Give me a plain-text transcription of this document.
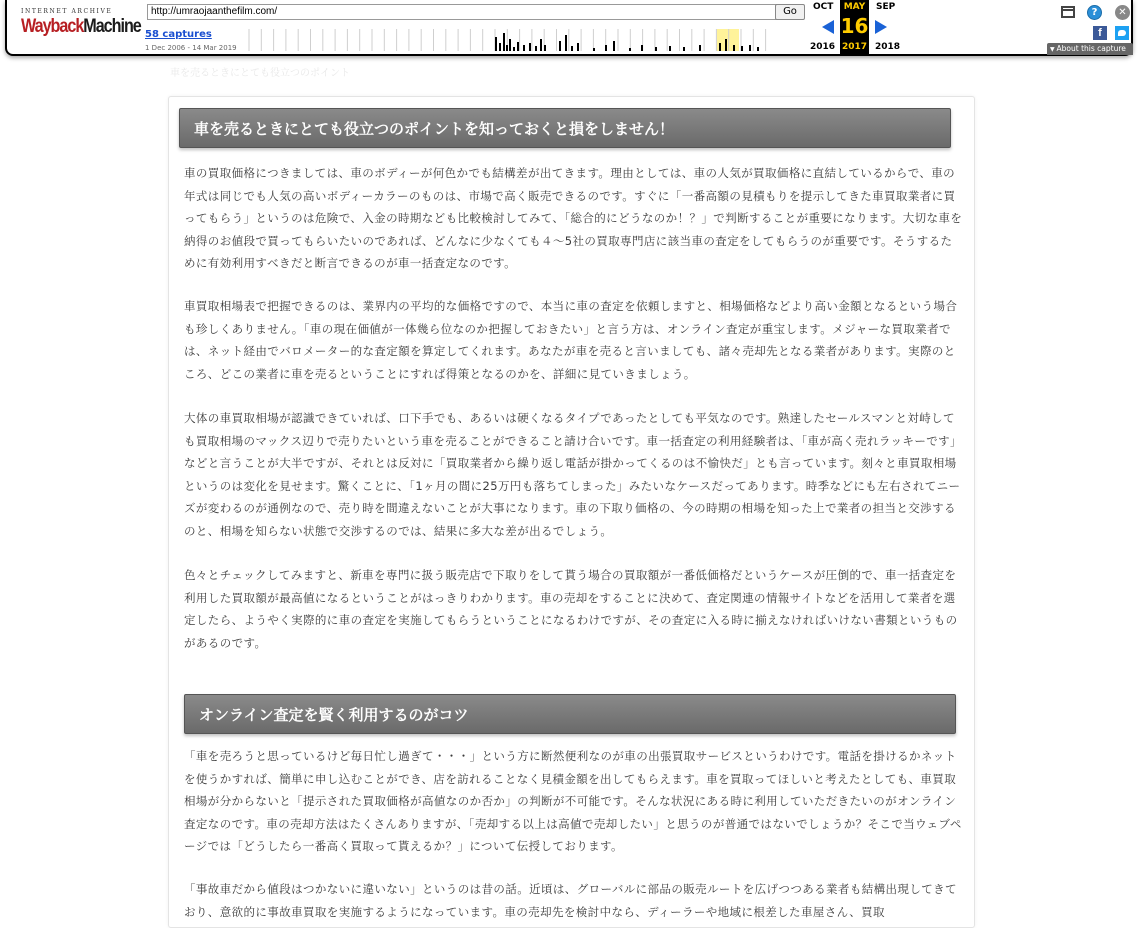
INTERNET ARCHIVE
WaybackMachine
http://umraojaanthefilm.com/	Go
58 captures
1 Dec 2006 - 14 Mar 2019
OCT	SEP
2016	2018
MAY
16
2017
?	✕
f
▼ About this capture
車を売るときにとても役立つのポイント
車を売るときにとても役立つのポイントを知っておくと損をしません！
車の買取価格につきましては、車のボディーが何色かでも結構差が出てきます。理由としては、車の人気が買取価格に直結しているからで、車の年式は同じでも人気の高いボディーカラーのものは、市場で高く販売できるのです。すぐに「一番高額の見積もりを提示してきた車買取業者に買ってもらう」というのは危険で、入金の時期なども比較検討してみて、「総合的にどうなのか！？」で判断することが重要になります。大切な車を納得のお値段で買ってもらいたいのであれば、どんなに少なくても４～5社の買取専門店に該当車の査定をしてもらうのが重要です。そうするために有効利用すべきだと断言できるのが車一括査定なのです。
車買取相場表で把握できるのは、業界内の平均的な価格ですので、本当に車の査定を依頼しますと、相場価格などより高い金額となるという場合も珍しくありません。「車の現在価値が一体幾ら位なのか把握しておきたい」と言う方は、オンライン査定が重宝します。メジャーな買取業者では、ネット経由でバロメーター的な査定額を算定してくれます。あなたが車を売ると言いましても、諸々売却先となる業者があります。実際のところ、どこの業者に車を売るということにすれば得策となるのかを、詳細に見ていきましょう。
大体の車買取相場が認識できていれば、口下手でも、あるいは硬くなるタイプであったとしても平気なのです。熟達したセールスマンと対峙しても買取相場のマックス辺りで売りたいという車を売ることができること請け合いです。車一括査定の利用経験者は、「車が高く売れラッキーです」などと言うことが大半ですが、それとは反対に「買取業者から繰り返し電話が掛かってくるのは不愉快だ」とも言っています。刻々と車買取相場というのは変化を見せます。驚くことに、「1ヶ月の間に25万円も落ちてしまった」みたいなケースだってあります。時季などにも左右されてニーズが変わるのが通例なので、売り時を間違えないことが大事になります。車の下取り価格の、今の時期の相場を知った上で業者の担当と交渉するのと、相場を知らない状態で交渉するのでは、結果に多大な差が出るでしょう。
色々とチェックしてみますと、新車を専門に扱う販売店で下取りをして貰う場合の買取額が一番低価格だというケースが圧倒的で、車一括査定を利用した買取額が最高値になるということがはっきりわかります。車の売却をすることに決めて、査定関連の情報サイトなどを活用して業者を選定したら、ようやく実際的に車の査定を実施してもらうということになるわけですが、その査定に入る時に揃えなければいけない書類というものがあるのです。
オンライン査定を賢く利用するのがコツ
「車を売ろうと思っているけど毎日忙し過ぎて・・・」という方に断然便利なのが車の出張買取サービスというわけです。電話を掛けるかネットを使うかすれば、簡単に申し込むことができ、店を訪れることなく見積金額を出してもらえます。車を買取ってほしいと考えたとしても、車買取相場が分からないと「提示された買取価格が高値なのか否か」の判断が不可能です。そんな状況にある時に利用していただきたいのがオンライン査定なのです。車の売却方法はたくさんありますが、「売却する以上は高値で売却したい」と思うのが普通ではないでしょうか？そこで当ウェブページでは「どうしたら一番高く買取って貰えるか？」について伝授しております。
「事故車だから値段はつかないに違いない」というのは昔の話。近頃は、グローバルに部品の販売ルートを広げつつある業者も結構出現してきており、意欲的に事故車買取を実施するようになっています。車の売却先を検討中なら、ディーラーや地域に根差した車屋さん、買取
